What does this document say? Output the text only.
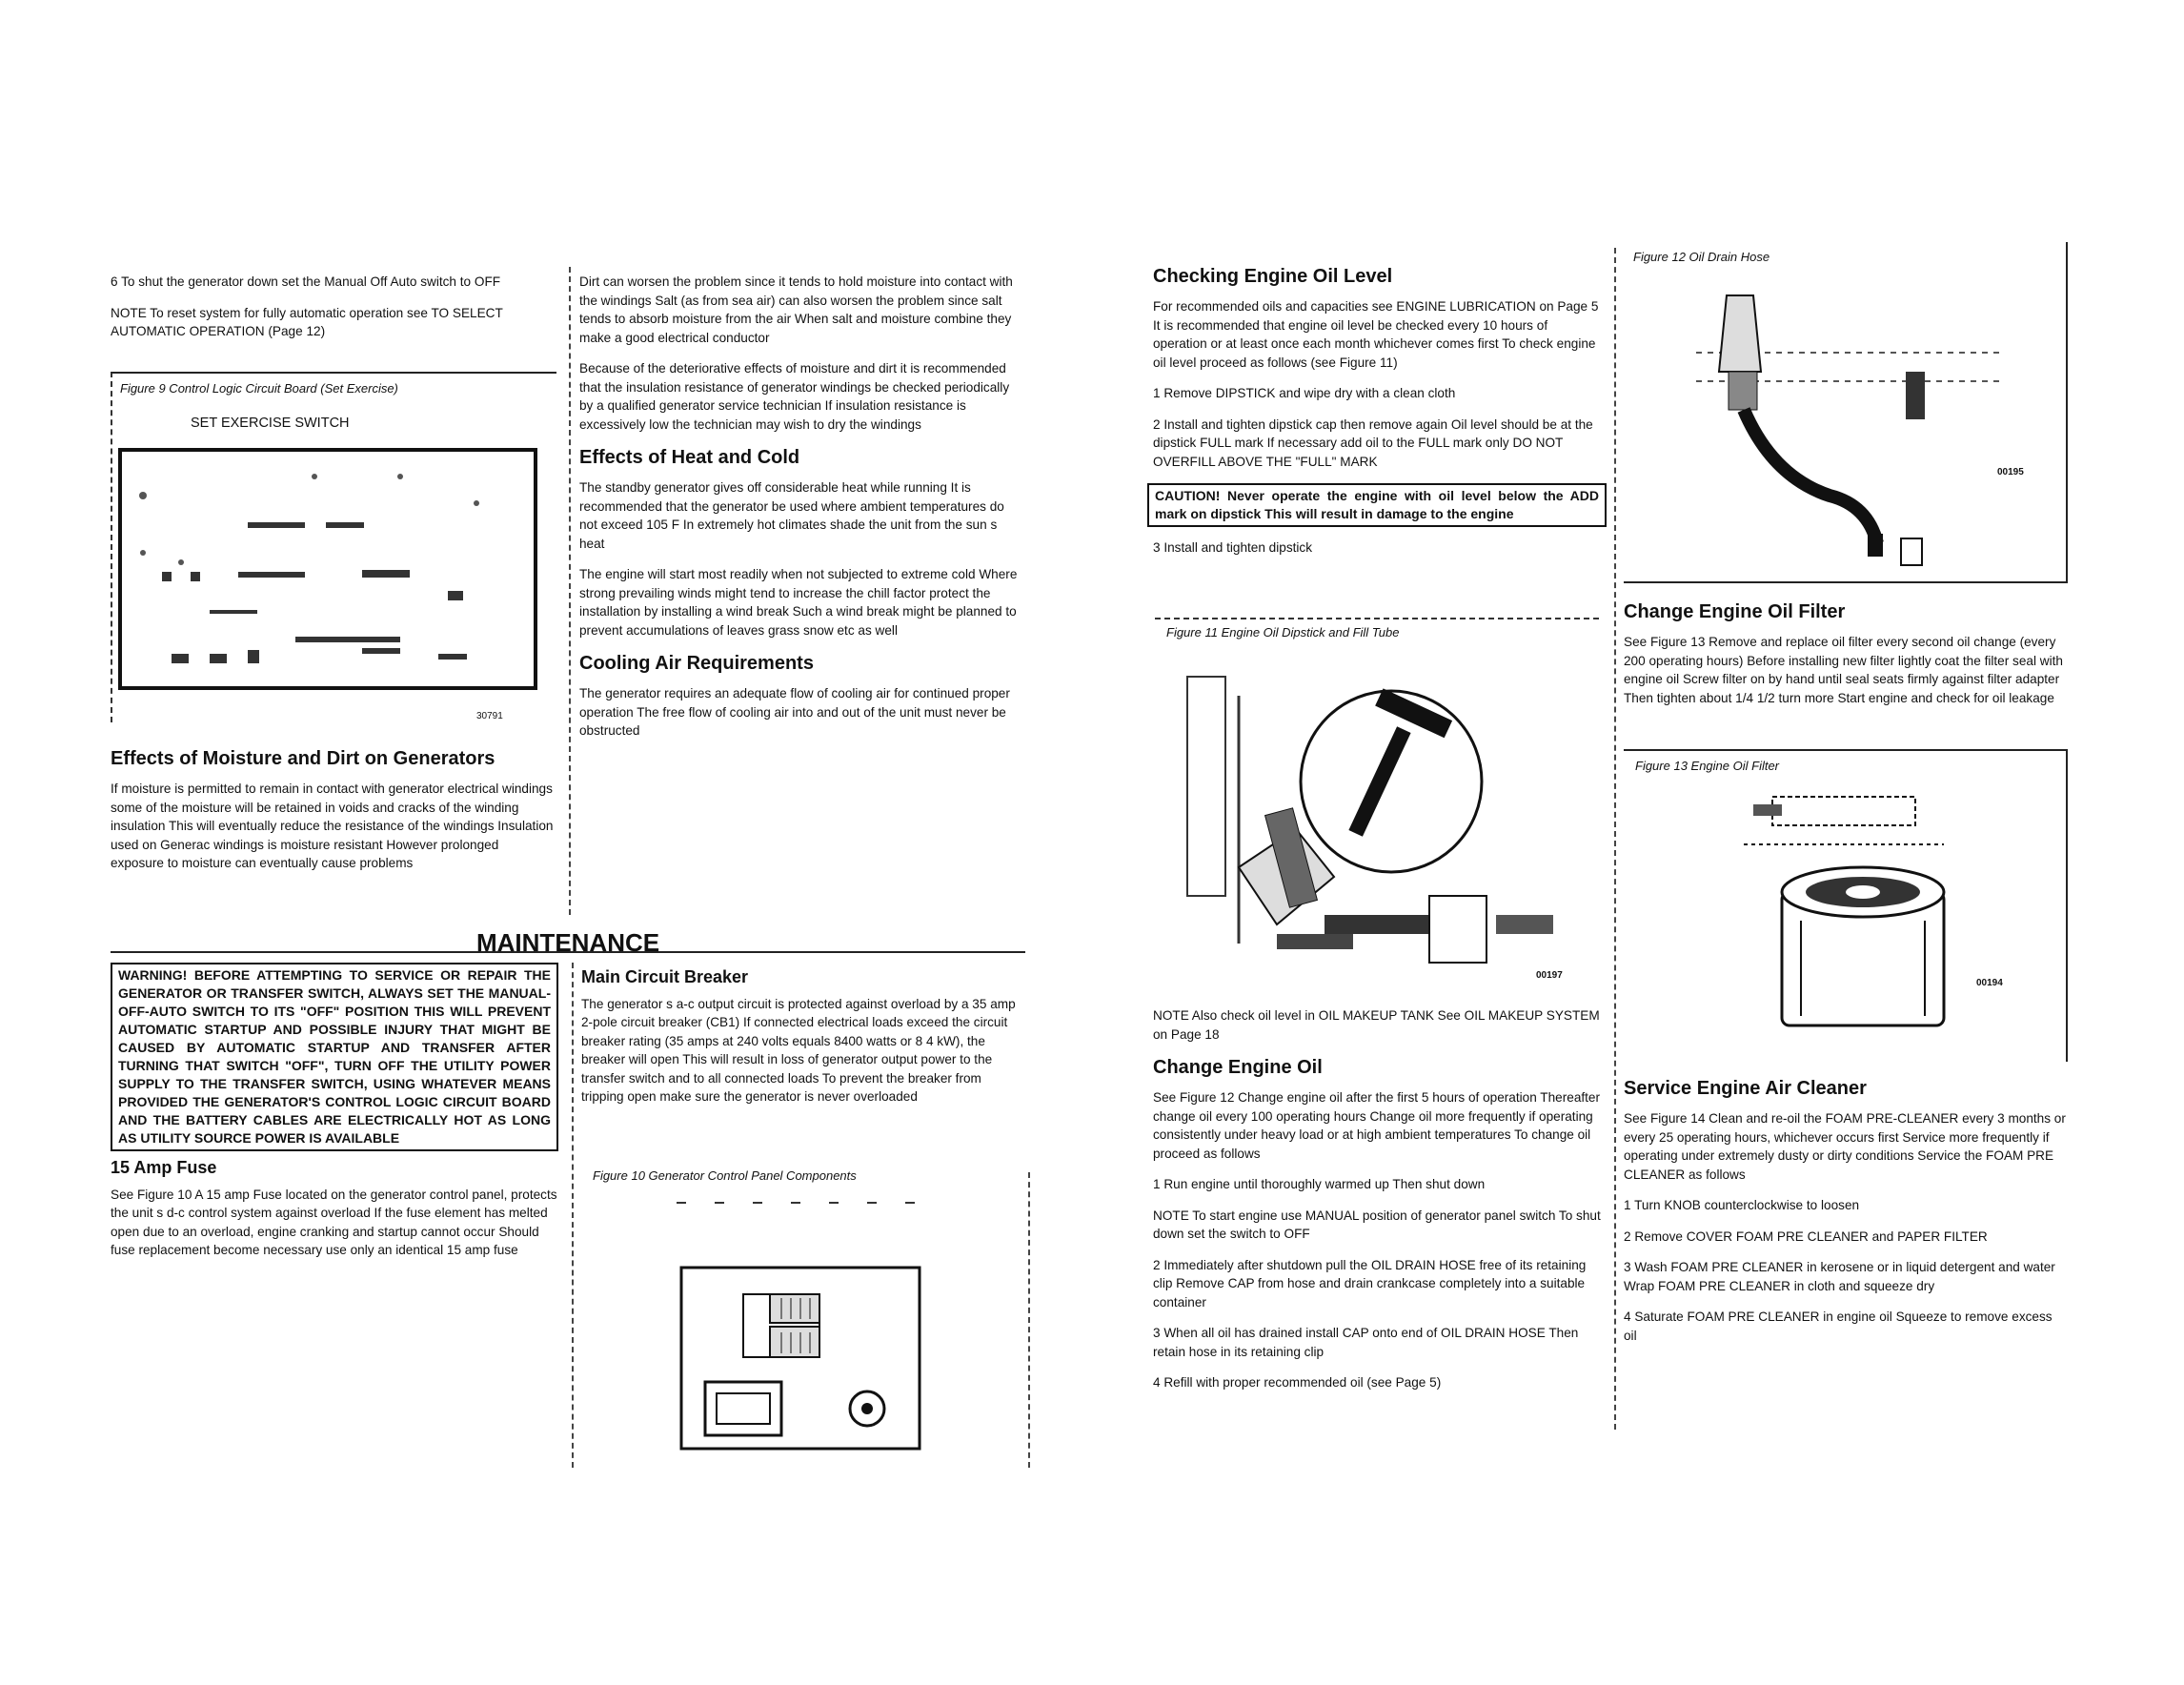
6 To shut the generator down set the Manual Off Auto switch to OFF

NOTE To reset system for fully automatic operation see TO SELECT AUTOMATIC OPERATION (Page 12)

Figure 9 Control Logic Circuit Board (Set Exercise)
SET EXERCISE SWITCH
30791
Effects of Moisture and Dirt on Generators

If moisture is permitted to remain in contact with generator electrical windings some of the moisture will be retained in voids and cracks of the winding insulation This will eventually reduce the resistance of the windings Insulation used on Generac windings is moisture resistant However prolonged exposure to moisture can eventually cause problems

Dirt can worsen the problem since it tends to hold moisture into contact with the windings Salt (as from sea air) can also worsen the problem since salt tends to absorb moisture from the air When salt and moisture combine they make a good electrical conductor

Because of the deteriorative effects of moisture and dirt it is recommended that the insulation resistance of generator windings be checked periodically by a qualified generator service technician If insulation resistance is excessively low the technician may wish to dry the windings

Effects of Heat and Cold

The standby generator gives off considerable heat while running It is recommended that the generator be used where ambient temperatures do not exceed 105 F In extremely hot climates shade the unit from the sun s heat

The engine will start most readily when not subjected to extreme cold Where strong prevailing winds might tend to increase the chill factor protect the installation by installing a wind break Such a wind break might be planned to prevent accumulations of leaves grass snow etc as well

Cooling Air Requirements

The generator requires an adequate flow of cooling air for continued proper operation The free flow of cooling air into and out of the unit must never be obstructed

MAINTENANCE
WARNING! BEFORE ATTEMPTING TO SERVICE OR REPAIR THE GENERATOR OR TRANSFER SWITCH, ALWAYS SET THE MANUAL-OFF-AUTO SWITCH TO ITS "OFF" POSITION THIS WILL PREVENT AUTOMATIC STARTUP AND POSSIBLE INJURY THAT MIGHT BE CAUSED BY AUTOMATIC STARTUP AND TRANSFER AFTER TURNING THAT SWITCH "OFF", TURN OFF THE UTILITY POWER SUPPLY TO THE TRANSFER SWITCH, USING WHATEVER MEANS PROVIDED THE GENERATOR'S CONTROL LOGIC CIRCUIT BOARD AND THE BATTERY CABLES ARE ELECTRICALLY HOT AS LONG AS UTILITY SOURCE POWER IS AVAILABLE
15 Amp Fuse

See Figure 10 A 15 amp Fuse located on the generator control panel, protects the unit s d-c control system against overload If the fuse element has melted open due to an overload, engine cranking and startup cannot occur Should fuse replacement become necessary use only an identical 15 amp fuse

Main Circuit Breaker

The generator s a-c output circuit is protected against overload by a 35 amp 2-pole circuit breaker (CB1) If connected electrical loads exceed the circuit breaker rating (35 amps at 240 volts equals 8400 watts or 8 4 kW), the breaker will open This will result in loss of generator output power to the transfer switch and to all connected loads To prevent the breaker from tripping open make sure the generator is never overloaded

Figure 10 Generator Control Panel Components
Checking Engine Oil Level

For recommended oils and capacities see ENGINE LUBRICATION on Page 5 It is recommended that engine oil level be checked every 10 hours of operation or at least once each month whichever comes first To check engine oil level proceed as follows (see Figure 11)

1 Remove DIPSTICK and wipe dry with a clean cloth

2 Install and tighten dipstick cap then remove again Oil level should be at the dipstick FULL mark If necessary add oil to the FULL mark only DO NOT OVERFILL ABOVE THE "FULL" MARK

CAUTION! Never operate the engine with oil level below the ADD mark on dipstick This will result in damage to the engine

3 Install and tighten dipstick

Figure 11 Engine Oil Dipstick and Fill Tube
00197

NOTE Also check oil level in OIL MAKEUP TANK See OIL MAKEUP SYSTEM on Page 18

Change Engine Oil

See Figure 12 Change engine oil after the first 5 hours of operation Thereafter change oil every 100 operating hours Change oil more frequently if operating consistently under heavy load or at high ambient temperatures To change oil proceed as follows

1 Run engine until thoroughly warmed up Then shut down

NOTE To start engine use MANUAL position of generator panel switch To shut down set the switch to OFF

2 Immediately after shutdown pull the OIL DRAIN HOSE free of its retaining clip Remove CAP from hose and drain crankcase completely into a suitable container

3 When all oil has drained install CAP onto end of OIL DRAIN HOSE Then retain hose in its retaining clip

4 Refill with proper recommended oil (see Page 5)

Figure 12 Oil Drain Hose
00195
Change Engine Oil Filter

See Figure 13 Remove and replace oil filter every second oil change (every 200 operating hours) Before installing new filter lightly coat the filter seal with engine oil Screw filter on by hand until seal seats firmly against filter adapter Then tighten about 1/4 1/2 turn more Start engine and check for oil leakage

Figure 13 Engine Oil Filter
00194
Service Engine Air Cleaner

See Figure 14 Clean and re-oil the FOAM PRE-CLEANER every 3 months or every 25 operating hours, whichever occurs first Service more frequently if operating under extremely dusty or dirty conditions Service the FOAM PRE CLEANER as follows

1 Turn KNOB counterclockwise to loosen

2 Remove COVER FOAM PRE CLEANER and PAPER FILTER

3 Wash FOAM PRE CLEANER in kerosene or in liquid detergent and water Wrap FOAM PRE CLEANER in cloth and squeeze dry

4 Saturate FOAM PRE CLEANER in engine oil Squeeze to remove excess oil
